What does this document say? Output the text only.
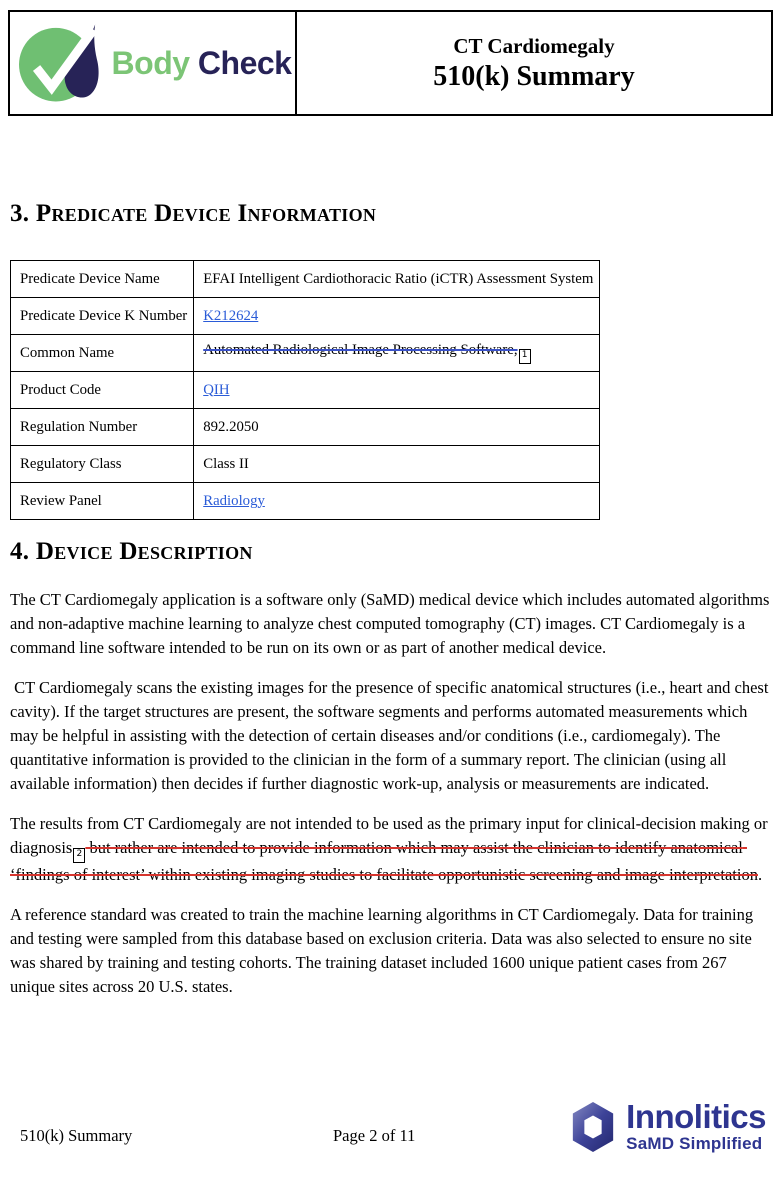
Body Check	CT Cardiomegaly
510(k) Summary
3. Predicate Device Information
Predicate Device Name	EFAI Intelligent Cardiothoracic Ratio (iCTR) Assessment System
Predicate Device K Number	K212624
Common Name	Automated Radiological Image Processing Software, 1
Product Code	QIH
Regulation Number	892.2050
Regulatory Class	Class II
Review Panel	Radiology
4. Device Description

The CT Cardiomegaly application is a software only (SaMD) medical device which includes automated algorithms and non-adaptive machine learning to analyze chest computed tomography (CT) images. CT Cardiomegaly is a command line software intended to be run on its own or as part of another medical device.

CT Cardiomegaly scans the existing images for the presence of specific anatomical structures (i.e., heart and chest cavity). If the target structures are present, the software segments and performs automated measurements which may be helpful in assisting with the detection of certain diseases and/or conditions (i.e., cardiomegaly). The quantitative information is provided to the clinician in the form of a summary report. The clinician (using all available information) then decides if further diagnostic work-up, analysis or measurements are indicated.

The results from CT Cardiomegaly are not intended to be used as the primary input for clinical-decision making or diagnosis 2 but rather are intended to provide information which may assist the clinician to identify anatomical ‘findings of interest’ within existing imaging studies to facilitate opportunistic screening and image interpretation.

A reference standard was created to train the machine learning algorithms in CT Cardiomegaly. Data for training and testing were sampled from this database based on exclusion criteria. Data was also selected to ensure no site was shared by training and testing cohorts. The training dataset included 1600 unique patient cases from 267 unique sites across 20 U.S. states.

510(k) Summary	Page 2 of 11
Innolitics
SaMD Simplified
